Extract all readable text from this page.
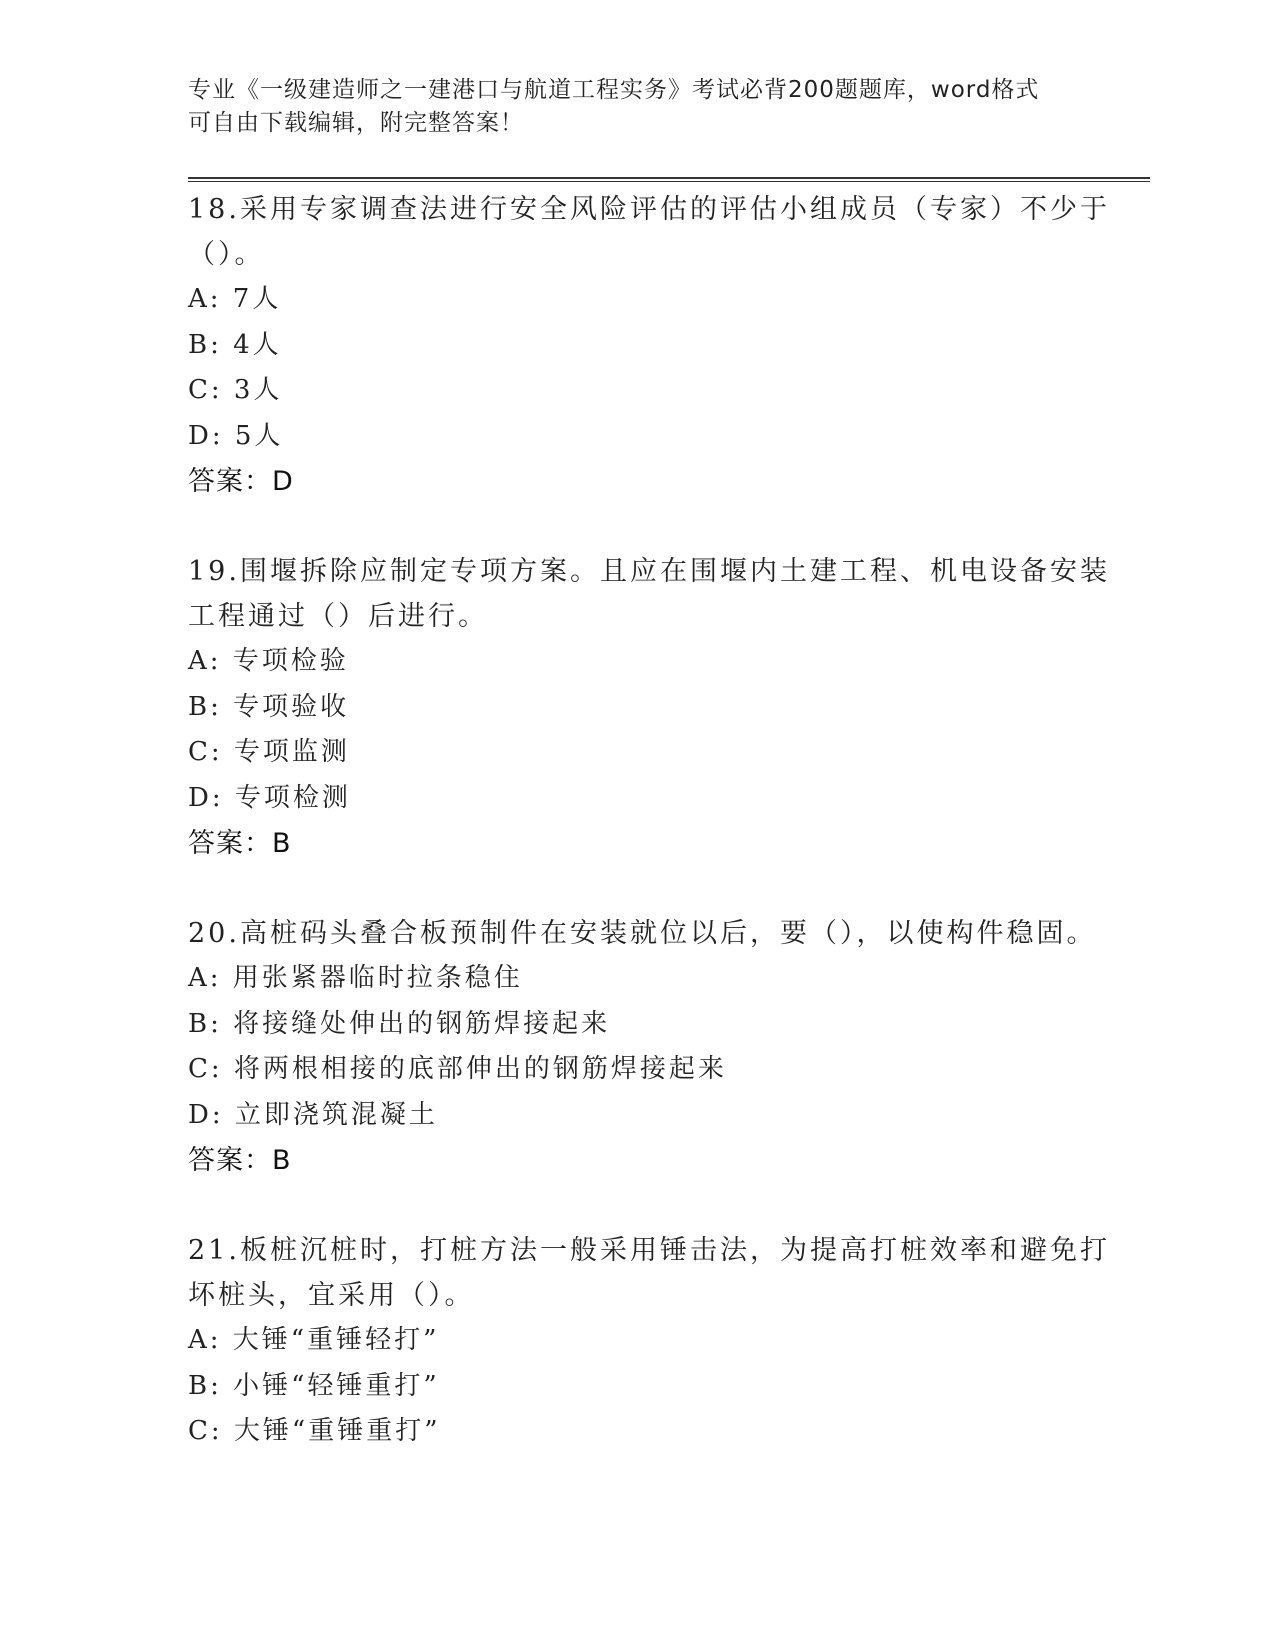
专业《一级建造师之一建港口与航道工程实务》考试必背200题题库，word格式
可自由下载编辑，附完整答案！
18.采用专家调查法进行安全风险评估的评估小组成员（专家）不少于
（）。
A: 7人
B: 4人
C: 3人
D: 5人
答案：D
19.围堰拆除应制定专项方案。且应在围堰内土建工程、机电设备安装
工程通过（）后进行。
A: 专项检验
B: 专项验收
C: 专项监测
D: 专项检测
答案：B
20.高桩码头叠合板预制件在安装就位以后，要（），以使构件稳固。
A: 用张紧器临时拉条稳住
B: 将接缝处伸出的钢筋焊接起来
C: 将两根相接的底部伸出的钢筋焊接起来
D: 立即浇筑混凝土
答案：B
21.板桩沉桩时，打桩方法一般采用锤击法，为提高打桩效率和避免打
坏桩头，宜采用（）。
A: 大锤“重锤轻打”
B: 小锤“轻锤重打”
C: 大锤“重锤重打”
